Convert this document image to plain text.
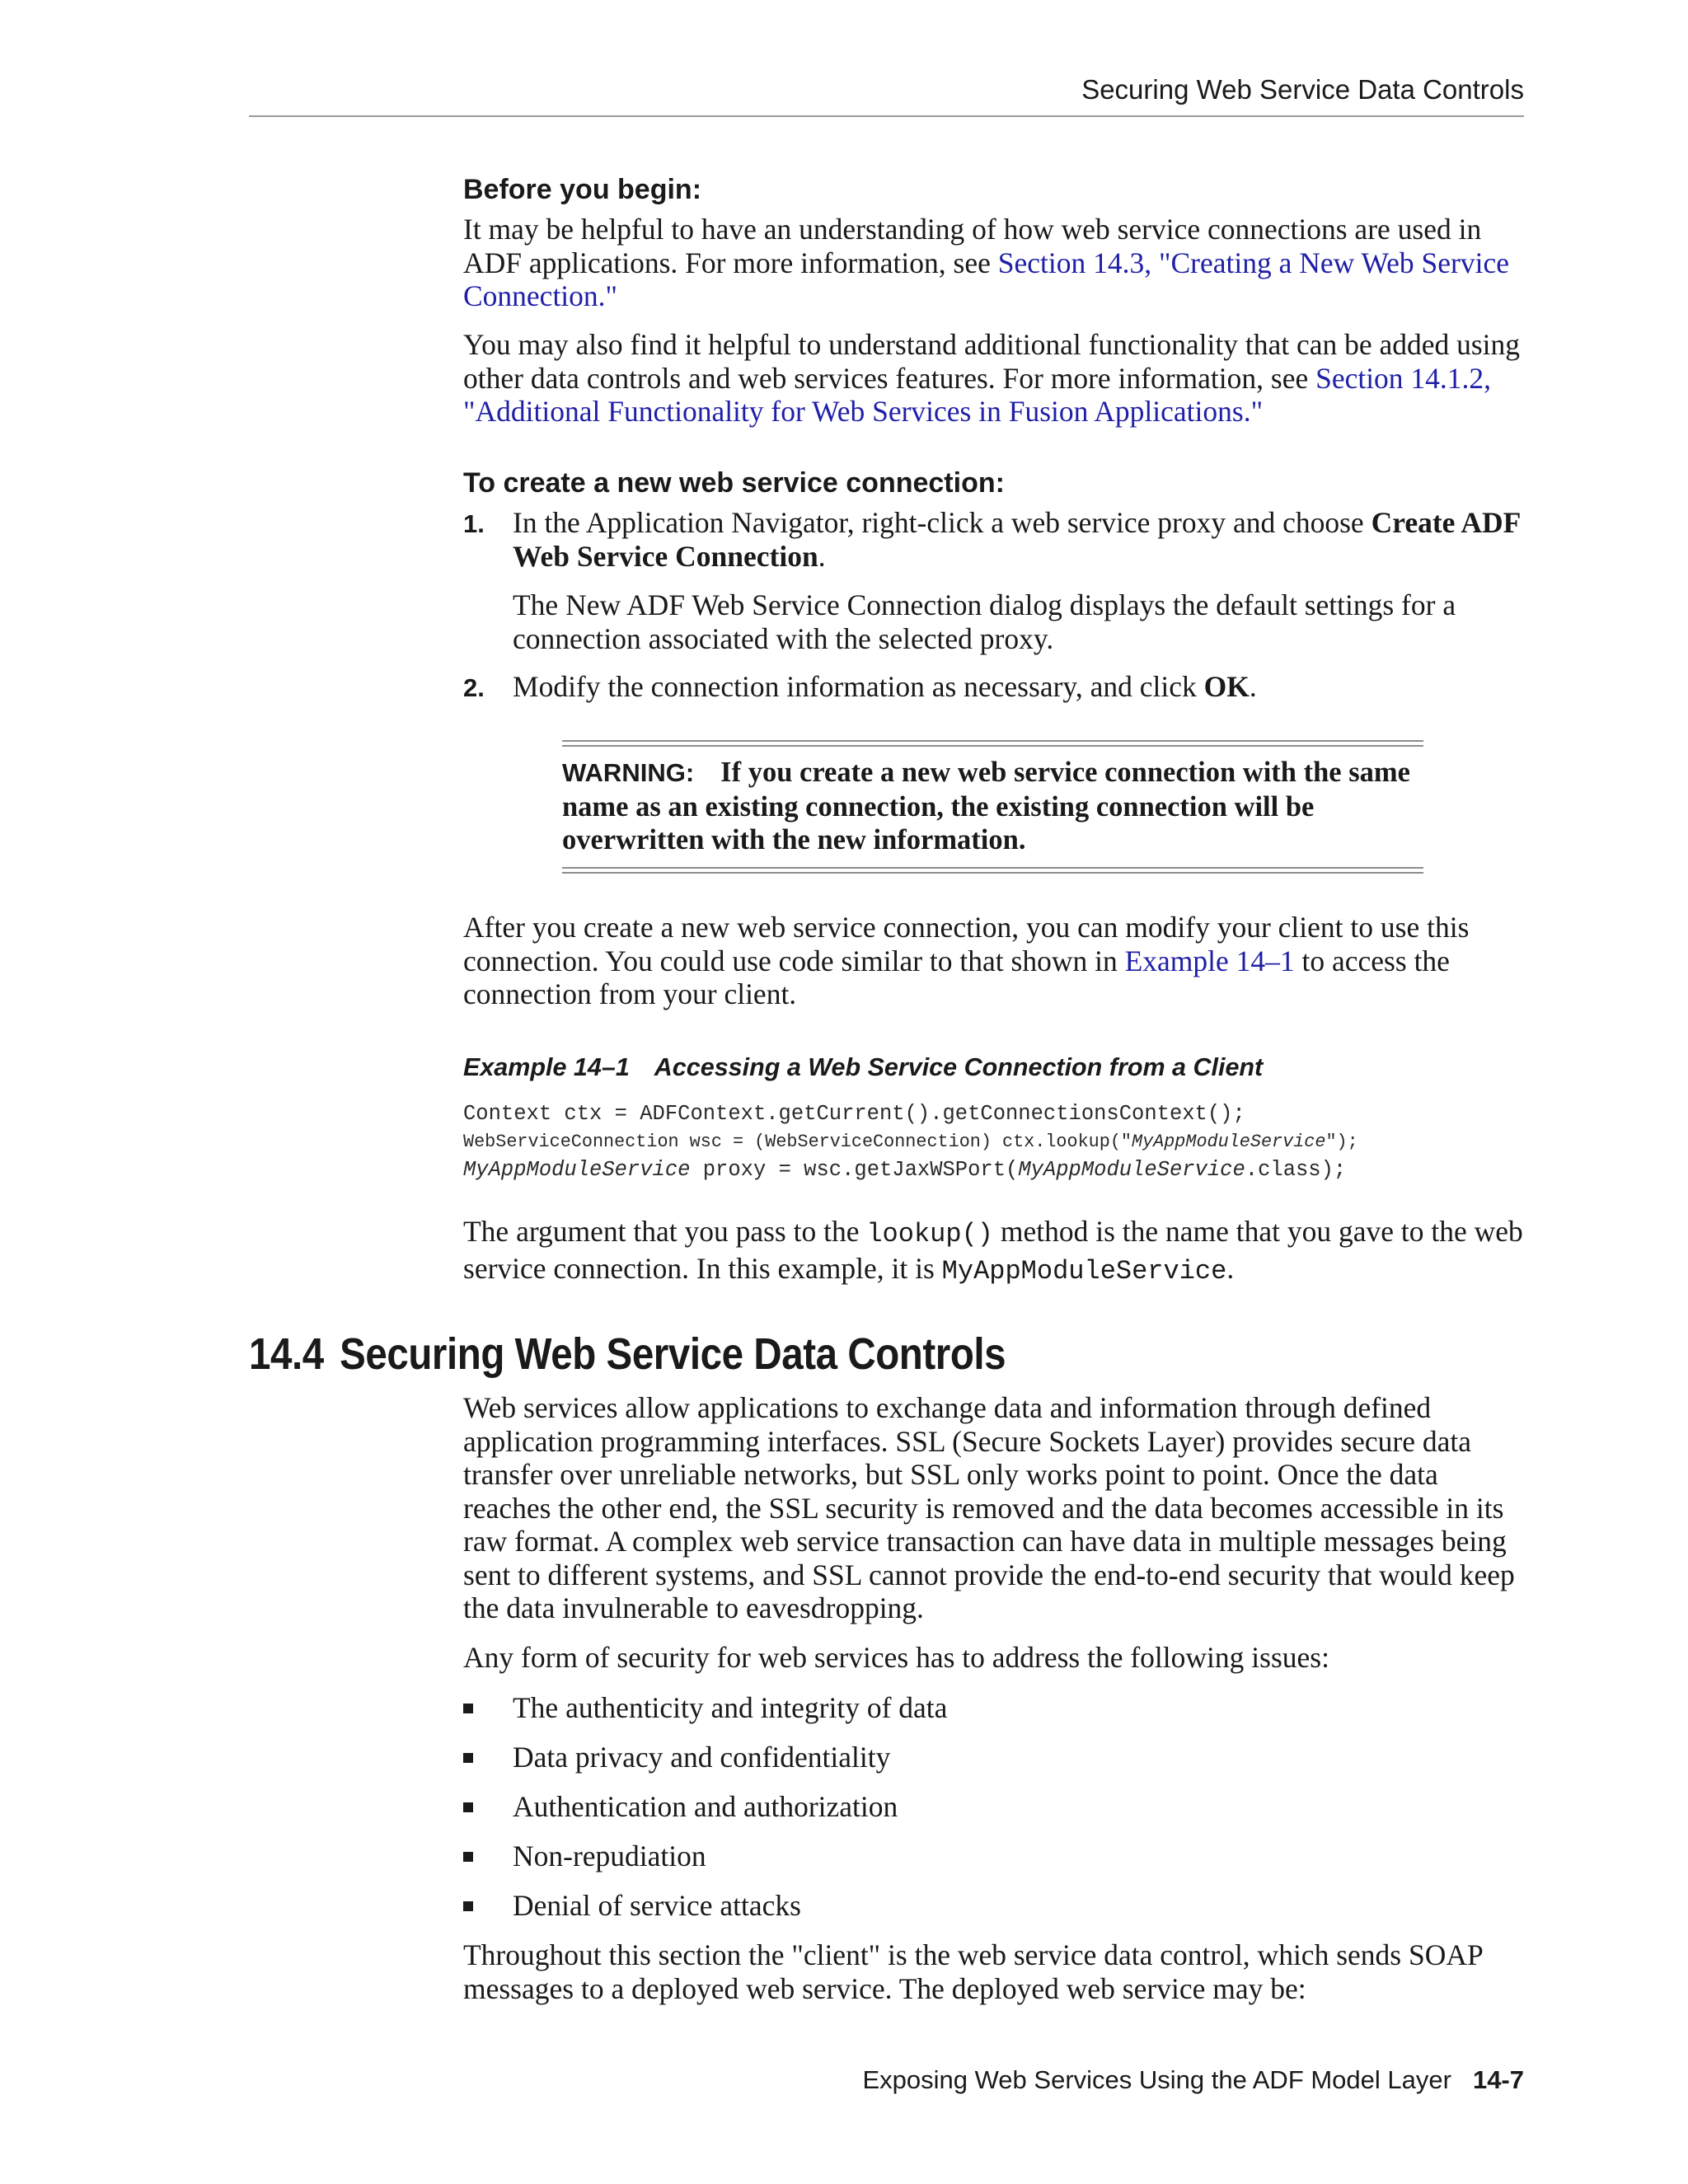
Securing Web Service Data Controls
Before you begin:
It may be helpful to have an understanding of how web service connections are used in ADF applications. For more information, see Section 14.3, "Creating a New Web Service Connection."
You may also find it helpful to understand additional functionality that can be added using other data controls and web services features. For more information, see Section 14.1.2, "Additional Functionality for Web Services in Fusion Applications."
To create a new web service connection:
1. In the Application Navigator, right-click a web service proxy and choose Create ADF Web Service Connection.
The New ADF Web Service Connection dialog displays the default settings for a connection associated with the selected proxy.
2. Modify the connection information as necessary, and click OK.
WARNING: If you create a new web service connection with the same name as an existing connection, the existing connection will be overwritten with the new information.
After you create a new web service connection, you can modify your client to use this connection. You could use code similar to that shown in Example 14–1 to access the connection from your client.
Example 14–1 Accessing a Web Service Connection from a Client
Context ctx = ADFContext.getCurrent().getConnectionsContext();
WebServiceConnection wsc = (WebServiceConnection) ctx.lookup("MyAppModuleService");
MyAppModuleService proxy = wsc.getJaxWSPort(MyAppModuleService.class);
The argument that you pass to the lookup() method is the name that you gave to the web service connection. In this example, it is MyAppModuleService.
14.4 Securing Web Service Data Controls
Web services allow applications to exchange data and information through defined application programming interfaces. SSL (Secure Sockets Layer) provides secure data transfer over unreliable networks, but SSL only works point to point. Once the data reaches the other end, the SSL security is removed and the data becomes accessible in its raw format. A complex web service transaction can have data in multiple messages being sent to different systems, and SSL cannot provide the end-to-end security that would keep the data invulnerable to eavesdropping.
Any form of security for web services has to address the following issues:
The authenticity and integrity of data
Data privacy and confidentiality
Authentication and authorization
Non-repudiation
Denial of service attacks
Throughout this section the "client" is the web service data control, which sends SOAP messages to a deployed web service. The deployed web service may be:
Exposing Web Services Using the ADF Model Layer 14-7
